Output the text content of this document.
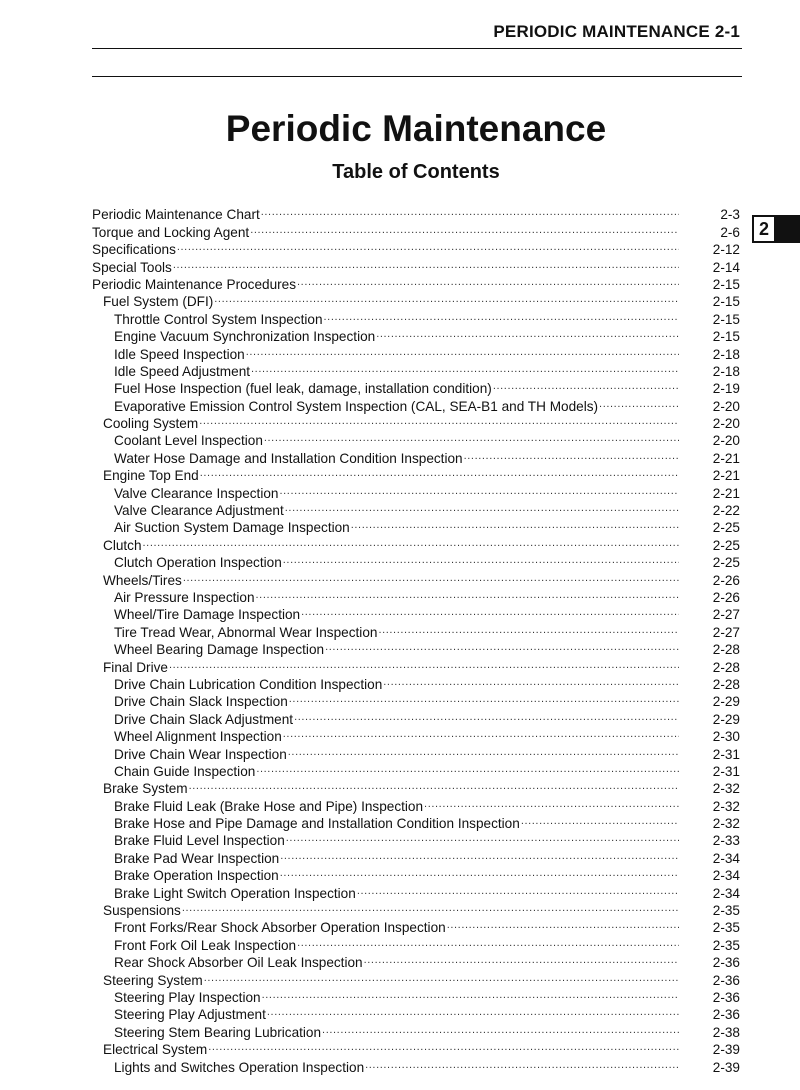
PERIODIC MAINTENANCE 2-1
Periodic Maintenance
Table of Contents
2
Periodic Maintenance Chart .....	2-3
Torque and Locking Agent .....	2-6
Specifications .....	2-12
Special Tools .....	2-14
Periodic Maintenance Procedures .....	2-15
Fuel System (DFI) .....	2-15
Throttle Control System Inspection .....	2-15
Engine Vacuum Synchronization Inspection .....	2-15
Idle Speed Inspection .....	2-18
Idle Speed Adjustment .....	2-18
Fuel Hose Inspection (fuel leak, damage, installation condition) .....	2-19
Evaporative Emission Control System Inspection (CAL, SEA-B1 and TH Models) .....	2-20
Cooling System .....	2-20
Coolant Level Inspection .....	2-20
Water Hose Damage and Installation Condition Inspection .....	2-21
Engine Top End .....	2-21
Valve Clearance Inspection .....	2-21
Valve Clearance Adjustment .....	2-22
Air Suction System Damage Inspection .....	2-25
Clutch .....	2-25
Clutch Operation Inspection .....	2-25
Wheels/Tires .....	2-26
Air Pressure Inspection .....	2-26
Wheel/Tire Damage Inspection .....	2-27
Tire Tread Wear, Abnormal Wear Inspection .....	2-27
Wheel Bearing Damage Inspection .....	2-28
Final Drive .....	2-28
Drive Chain Lubrication Condition Inspection .....	2-28
Drive Chain Slack Inspection .....	2-29
Drive Chain Slack Adjustment .....	2-29
Wheel Alignment Inspection .....	2-30
Drive Chain Wear Inspection .....	2-31
Chain Guide Inspection .....	2-31
Brake System .....	2-32
Brake Fluid Leak (Brake Hose and Pipe) Inspection .....	2-32
Brake Hose and Pipe Damage and Installation Condition Inspection .....	2-32
Brake Fluid Level Inspection .....	2-33
Brake Pad Wear Inspection .....	2-34
Brake Operation Inspection .....	2-34
Brake Light Switch Operation Inspection .....	2-34
Suspensions .....	2-35
Front Forks/Rear Shock Absorber Operation Inspection .....	2-35
Front Fork Oil Leak Inspection .....	2-35
Rear Shock Absorber Oil Leak Inspection .....	2-36
Steering System .....	2-36
Steering Play Inspection .....	2-36
Steering Play Adjustment .....	2-36
Steering Stem Bearing Lubrication .....	2-38
Electrical System .....	2-39
Lights and Switches Operation Inspection .....	2-39
